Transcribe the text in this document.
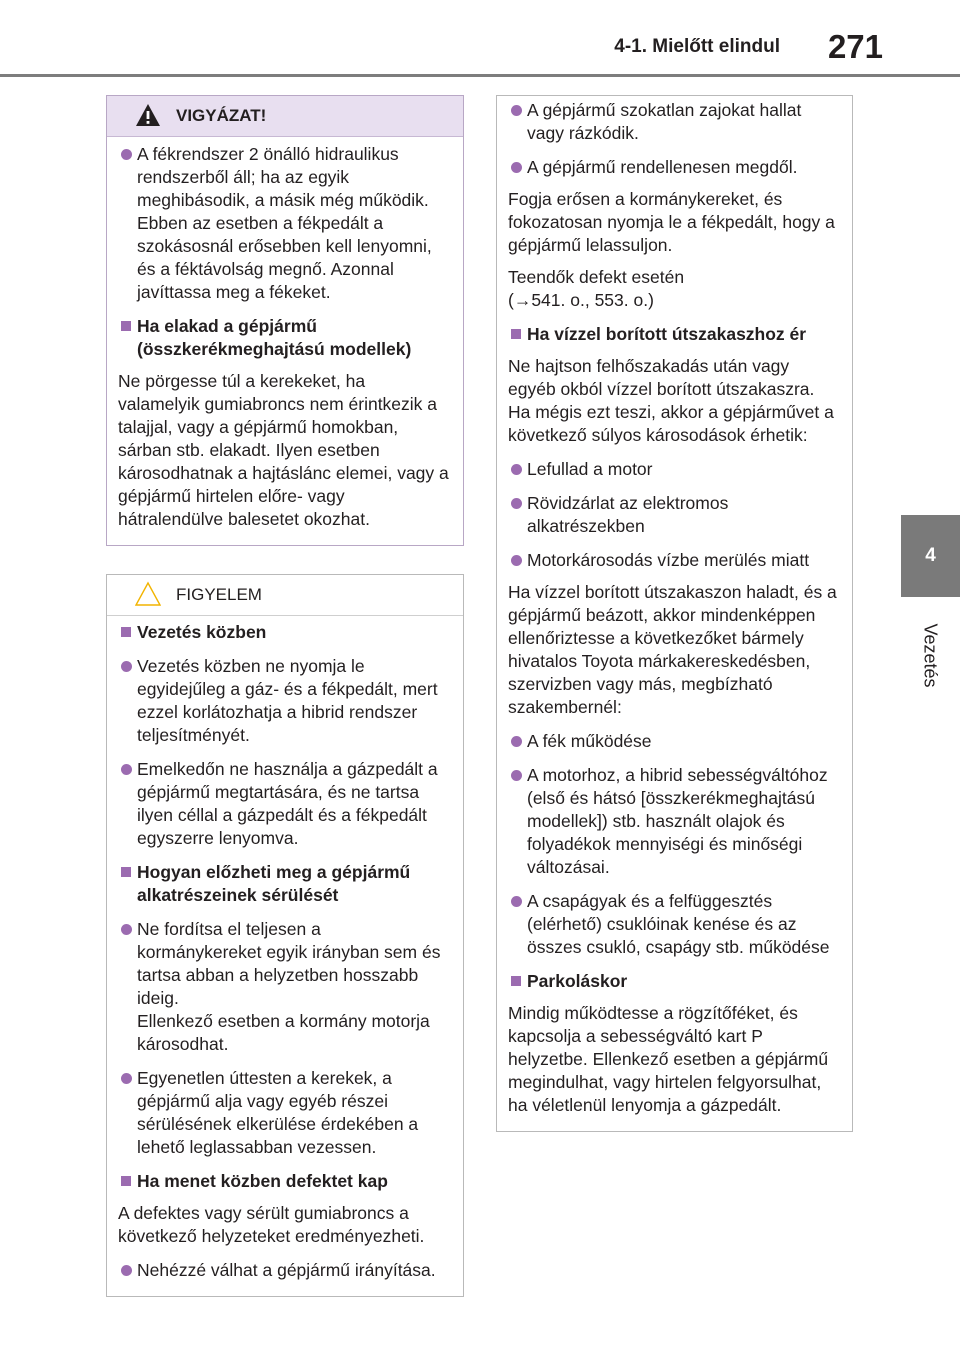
4-1. Mielőtt elindul 271
4
Vezetés
VIGYÁZAT!
A fékrendszer 2 önálló hidraulikus rendszerből áll; ha az egyik meghibásodik, a másik még működik. Ebben az esetben a fékpedált a szokásosnál erősebben kell lenyomni, és a féktávolság megnő. Azonnal javíttassa meg a fékeket.
Ha elakad a gépjármű (összkerékmeghajtású modellek)
Ne pörgesse túl a kerekeket, ha valamelyik gumiabroncs nem érintkezik a talajjal, vagy a gépjármű homokban, sárban stb. elakadt. Ilyen esetben károsodhatnak a hajtáslánc elemei, vagy a gépjármű hirtelen előre- vagy hátralendülve balesetet okozhat.
FIGYELEM
Vezetés közben
Vezetés közben ne nyomja le egyidejűleg a gáz- és a fékpedált, mert ezzel korlátozhatja a hibrid rendszer teljesítményét.
Emelkedőn ne használja a gázpedált a gépjármű megtartására, és ne tartsa ilyen céllal a gázpedált és a fékpedált egyszerre lenyomva.
Hogyan előzheti meg a gépjármű alkatrészeinek sérülését
Ne fordítsa el teljesen a kormánykereket egyik irányban sem és tartsa abban a helyzetben hosszabb ideig.
Ellenkező esetben a kormány motorja károsodhat.
Egyenetlen úttesten a kerekek, a gépjármű alja vagy egyéb részei sérülésének elkerülése érdekében a lehető leglassabban vezessen.
Ha menet közben defektet kap
A defektes vagy sérült gumiabroncs a következő helyzeteket eredményezheti.
Nehézzé válhat a gépjármű irányítása.
A gépjármű szokatlan zajokat hallat vagy rázkódik.
A gépjármű rendellenesen megdől.
Fogja erősen a kormánykereket, és fokozatosan nyomja le a fékpedált, hogy a gépjármű lelassuljon.
Teendők defekt esetén
(→541. o., 553. o.)
Ha vízzel borított útszakaszhoz ér
Ne hajtson felhőszakadás után vagy egyéb okból vízzel borított útszakaszra. Ha mégis ezt teszi, akkor a gépjárművet a következő súlyos károsodások érhetik:
Lefullad a motor
Rövidzárlat az elektromos alkatrészekben
Motorkárosodás vízbe merülés miatt
Ha vízzel borított útszakaszon haladt, és a gépjármű beázott, akkor mindenképpen ellenőriztesse a következőket bármely hivatalos Toyota márkakereskedésben, szervizben vagy más, megbízható szakembernél:
A fék működése
A motorhoz, a hibrid sebességváltóhoz (első és hátsó [összkerékmeghajtású modellek]) stb. használt olajok és folyadékok mennyiségi és minőségi változásai.
A csapágyak és a felfüggesztés (elérhető) csuklóinak kenése és az összes csukló, csapágy stb. működése
Parkoláskor
Mindig működtesse a rögzítőféket, és kapcsolja a sebességváltó kart P helyzetbe. Ellenkező esetben a gépjármű megindulhat, vagy hirtelen felgyorsulhat, ha véletlenül lenyomja a gázpedált.
